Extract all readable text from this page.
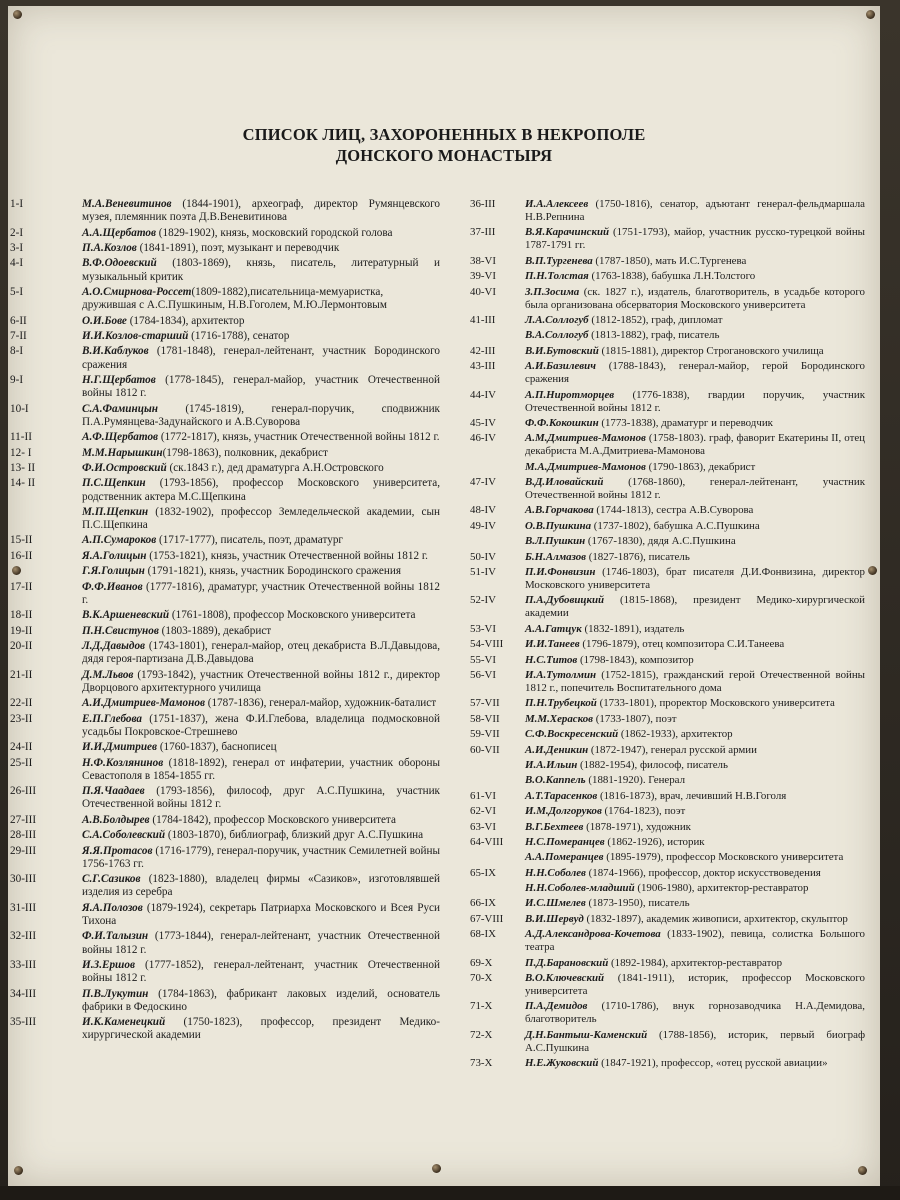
СПИСОК ЛИЦ, ЗАХОРОНЕННЫХ В НЕКРОПОЛЕ
ДОНСКОГО МОНАСТЫРЯ
1-I	М.А.Веневитинов (1844-1901), археограф, директор Румянцевского музея, племянник поэта Д.В.Веневитинова
2-I	А.А.Щербатов (1829-1902), князь, московский городской голова
3-I	П.А.Козлов (1841-1891), поэт, музыкант и переводчик
4-I	В.Ф.Одоевский (1803-1869), князь, писатель, литературный и музыкальный критик
5-I	А.О.Смирнова-Россет(1809-1882),писательница-мемуаристка, дружившая с А.С.Пушкиным, Н.В.Гоголем, М.Ю.Лермонтовым
6-II	О.И.Бове (1784-1834), архитектор
7-II	И.И.Козлов-старший (1716-1788), сенатор
8-I	В.И.Каблуков (1781-1848), генерал-лейтенант, участник Бородинского сражения
9-I	Н.Г.Щербатов (1778-1845), генерал-майор, участник Отечественной войны 1812 г.
10-I	С.А.Фаминцын (1745-1819), генерал-поручик, сподвижник П.А.Румянцева-Задунайского и А.В.Суворова
11-II	А.Ф.Щербатов (1772-1817), князь, участник Отечественной войны 1812 г.
12- I	М.М.Нарышкин(1798-1863), полковник, декабрист
13- II	Ф.И.Островский (ск.1843 г.), дед драматурга А.Н.Островского
14- II	П.С.Щепкин (1793-1856), профессор Московского университета, родственник актера М.С.Щепкина
М.П.Щепкин (1832-1902), профессор Земледельческой академии, сын П.С.Щепкина
15-II	А.П.Сумароков (1717-1777), писатель, поэт, драматург
16-II	Я.А.Голицын (1753-1821), князь, участник Отечественной войны 1812 г.
Г.Я.Голицын (1791-1821), князь, участник Бородинского сражения
17-II	Ф.Ф.Иванов (1777-1816), драматург, участник Отечественной войны 1812 г.
18-II	В.К.Аршеневский (1761-1808), профессор Московского университета
19-II	П.Н.Свистунов (1803-1889), декабрист
20-II	Л.Д.Давыдов (1743-1801), генерал-майор, отец декабриста В.Л.Давыдова, дядя героя-партизана Д.В.Давыдова
21-II	Д.М.Львов (1793-1842), участник Отечественной войны 1812 г., директор Дворцового архитектурного училища
22-II	А.И.Дмитриев-Мамонов (1787-1836), генерал-майор, художник-баталист
23-II	Е.П.Глебова (1751-1837), жена Ф.И.Глебова, владелица подмосковной усадьбы Покровское-Стрешнево
24-II	И.И.Дмитриев (1760-1837), баснописец
25-II	Н.Ф.Козлянинов (1818-1892), генерал от инфатерии, участник обороны Севастополя в 1854-1855 гг.
26-III	П.Я.Чаадаев (1793-1856), философ, друг А.С.Пушкина, участник Отечественной войны 1812 г.
27-III	А.В.Болдырев (1784-1842), профессор Московского университета
28-III	С.А.Соболевский (1803-1870), библиограф, близкий друг А.С.Пушкина
29-III	Я.Я.Протасов (1716-1779), генерал-поручик, участник Семилетней войны 1756-1763 гг.
30-III	С.Г.Сазиков (1823-1880), владелец фирмы «Сазиков», изготовлявшей изделия из серебра
31-III	Я.А.Полозов (1879-1924), секретарь Патриарха Московского и Всея Руси Тихона
32-III	Ф.И.Талызин (1773-1844), генерал-лейтенант, участник Отечественной войны 1812 г.
33-III	И.З.Ершов (1777-1852), генерал-лейтенант, участник Отечественной войны 1812 г.
34-III	П.В.Лукутин (1784-1863), фабрикант лаковых изделий, основатель фабрики в Федоскино
35-III	И.К.Каменецкий (1750-1823), профессор, президент Медико-хирургической академии
36-III	И.А.Алексеев (1750-1816), сенатор, адъютант генерал-фельдмаршала Н.В.Репнина
37-III	В.Я.Карачинский (1751-1793), майор, участник русско-турецкой войны 1787-1791 гг.
38-VI	В.П.Тургенева (1787-1850), мать И.С.Тургенева
39-VI	П.Н.Толстая (1763-1838), бабушка Л.Н.Толстого
40-VI	З.П.Зосима (ск. 1827 г.), издатель, благотворитель, в усадьбе которого была организована обсерватория Московского университета
41-III	Л.А.Соллогуб (1812-1852), граф, дипломат
В.А.Соллогуб (1813-1882), граф, писатель
42-III	В.И.Бутовский (1815-1881), директор Строгановского училища
43-III	А.И.Базилевич (1788-1843), генерал-майор, герой Бородинского сражения
44-IV	А.П.Ниротморцев (1776-1838), гвардии поручик, участник Отечественной войны 1812 г.
45-IV	Ф.Ф.Кокошкин (1773-1838), драматург и переводчик
46-IV	А.М.Дмитриев-Мамонов (1758-1803). граф, фаворит Екатерины II, отец декабриста М.А.Дмитриева-Мамонова
М.А.Дмитриев-Мамонов (1790-1863), декабрист
47-IV	В.Д.Иловайский (1768-1860), генерал-лейтенант, участник Отечественной войны 1812 г.
48-IV	А.В.Горчакова (1744-1813), сестра А.В.Суворова
49-IV	О.В.Пушкина (1737-1802), бабушка А.С.Пушкина
В.Л.Пушкин (1767-1830), дядя А.С.Пушкина
50-IV	Б.Н.Алмазов (1827-1876), писатель
51-IV	П.И.Фонвизин (1746-1803), брат писателя Д.И.Фонвизина, директор Московского университета
52-IV	П.А.Дубовицкий (1815-1868), президент Медико-хирургической академии
53-VI	А.А.Гатцук (1832-1891), издатель
54-VIII	И.И.Танеев (1796-1879), отец композитора С.И.Танеева
55-VI	Н.С.Титов (1798-1843), композитор
56-VI	И.А.Тутолмин (1752-1815), гражданский герой Отечественной войны 1812 г., попечитель Воспитательного дома
57-VII	П.Н.Трубецкой (1733-1801), проректор Московского университета
58-VII	М.М.Херасков (1733-1807), поэт
59-VII	С.Ф.Воскресенский (1862-1933), архитектор
60-VII	А.И.Деникин (1872-1947), генерал русской армии
И.А.Ильин (1882-1954), философ, писатель
В.О.Каппель (1881-1920). Генерал
61-VI	А.Т.Тарасенков (1816-1873), врач, лечивший Н.В.Гоголя
62-VI	И.М.Долгоруков (1764-1823), поэт
63-VI	В.Г.Бехтеев (1878-1971), художник
64-VIII	Н.С.Померанцев (1862-1926), историк
А.А.Померанцев (1895-1979), профессор Московского университета
65-IX	Н.Н.Соболев (1874-1966), профессор, доктор искусствоведения
Н.Н.Соболев-младший (1906-1980), архитектор-реставратор
66-IX	И.С.Шмелев (1873-1950), писатель
67-VIII	В.И.Шервуд (1832-1897), академик живописи, архитектор, скульптор
68-IX	А.Д.Александрова-Кочетова (1833-1902), певица, солистка Большого театра
69-X	П.Д.Барановский (1892-1984), архитектор-реставратор
70-X	В.О.Ключевский (1841-1911), историк, профессор Московского университета
71-X	П.А.Демидов (1710-1786), внук горнозаводчика Н.А.Демидова, благотворитель
72-X	Д.Н.Бантыш-Каменский (1788-1856), историк, первый биограф А.С.Пушкина
73-X	Н.Е.Жуковский (1847-1921), профессор, «отец русской авиации»
